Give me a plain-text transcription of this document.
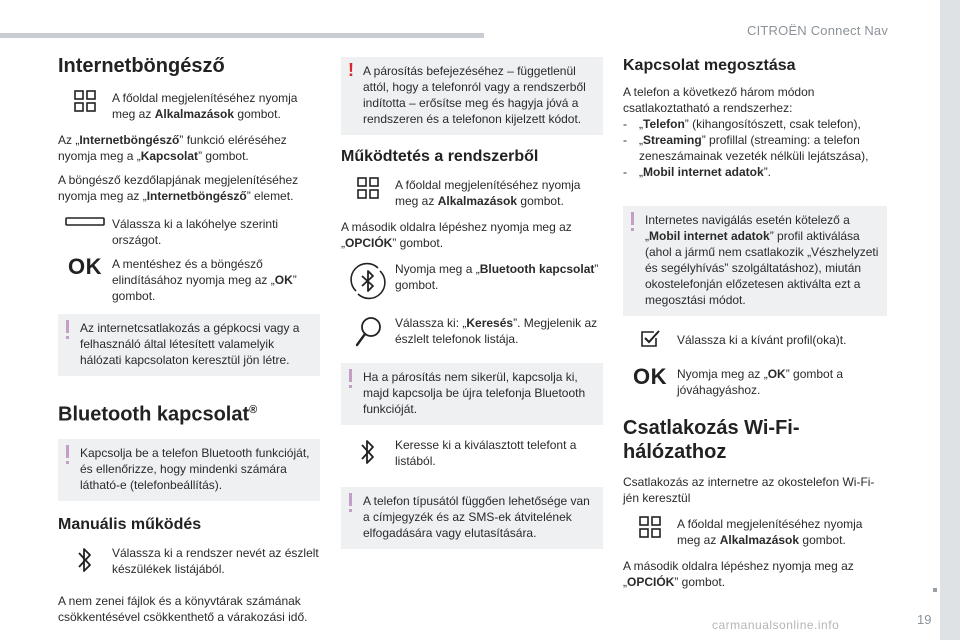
CITROËN Connect Nav
19
carmanualsonline.info
Internetböngésző

A főoldal megjelenítéséhez nyomja meg az Alkalmazások gombot.

Az „Internetböngésző” funkció eléréséhez nyomja meg a „Kapcsolat” gombot.

A böngésző kezdőlapjának megjelenítéséhez nyomja meg az „Internetböngésző” elemet.

Válassza ki a lakóhelye szerinti országot.

OK A mentéshez és a böngésző elindításához nyomja meg az „OK” gombot.

Az internetcsatlakozás a gépkocsi vagy a felhasználó által létesített valamelyik hálózati kapcsolaton keresztül jön létre.

Bluetooth kapcsolat®

Kapcsolja be a telefon Bluetooth funkcióját, és ellenőrizze, hogy mindenki számára látható-e (telefonbeállítás).

Manuális működés

Válassza ki a rendszer nevét az észlelt készülékek listájából.

A nem zenei fájlok és a könyvtárak számának csökkentésével csökkenthető a várakozási idő.

! A párosítás befejezéséhez – függetlenül attól, hogy a telefonról vagy a rendszerből indította – erősítse meg és hagyja jóvá a rendszeren és a telefonon kijelzett kódot.

Működtetés a rendszerből

A főoldal megjelenítéséhez nyomja meg az Alkalmazások gombot.

A második oldalra lépéshez nyomja meg az „OPCIÓK” gombot.

Nyomja meg a „Bluetooth kapcsolat” gombot.

Válassza ki: „Keresés”. Megjelenik az észlelt telefonok listája.

Ha a párosítás nem sikerül, kapcsolja ki, majd kapcsolja be újra telefonja Bluetooth funkcióját.

Keresse ki a kiválasztott telefont a listából.

A telefon típusától függően lehetősége van a címjegyzék és az SMS-ek átvitelének elfogadására vagy elutasítására.

Kapcsolat megosztása

A telefon a következő három módon csatlakoztatható a rendszerhez:

-	„Telefon” (kihangosítószett, csak telefon),
-	„Streaming” profillal (streaming: a telefon zeneszámainak vezeték nélküli lejátszása),
-	„Mobil internet adatok”.

Internetes navigálás esetén kötelező a „Mobil internet adatok” profil aktiválása (ahol a jármű nem csatlakozik „Vészhelyzeti és segélyhívás” szolgáltatáshoz), miután okostelefonján előzetesen aktiválta ezt a megosztási módot.

Válassza ki a kívánt profil(oka)t.

OK Nyomja meg az „OK” gombot a jóváhagyáshoz.

Csatlakozás Wi-Fi-hálózathoz

Csatlakozás az internetre az okostelefon Wi-Fi-jén keresztül

A főoldal megjelenítéséhez nyomja meg az Alkalmazások gombot.

A második oldalra lépéshez nyomja meg az „OPCIÓK” gombot.
